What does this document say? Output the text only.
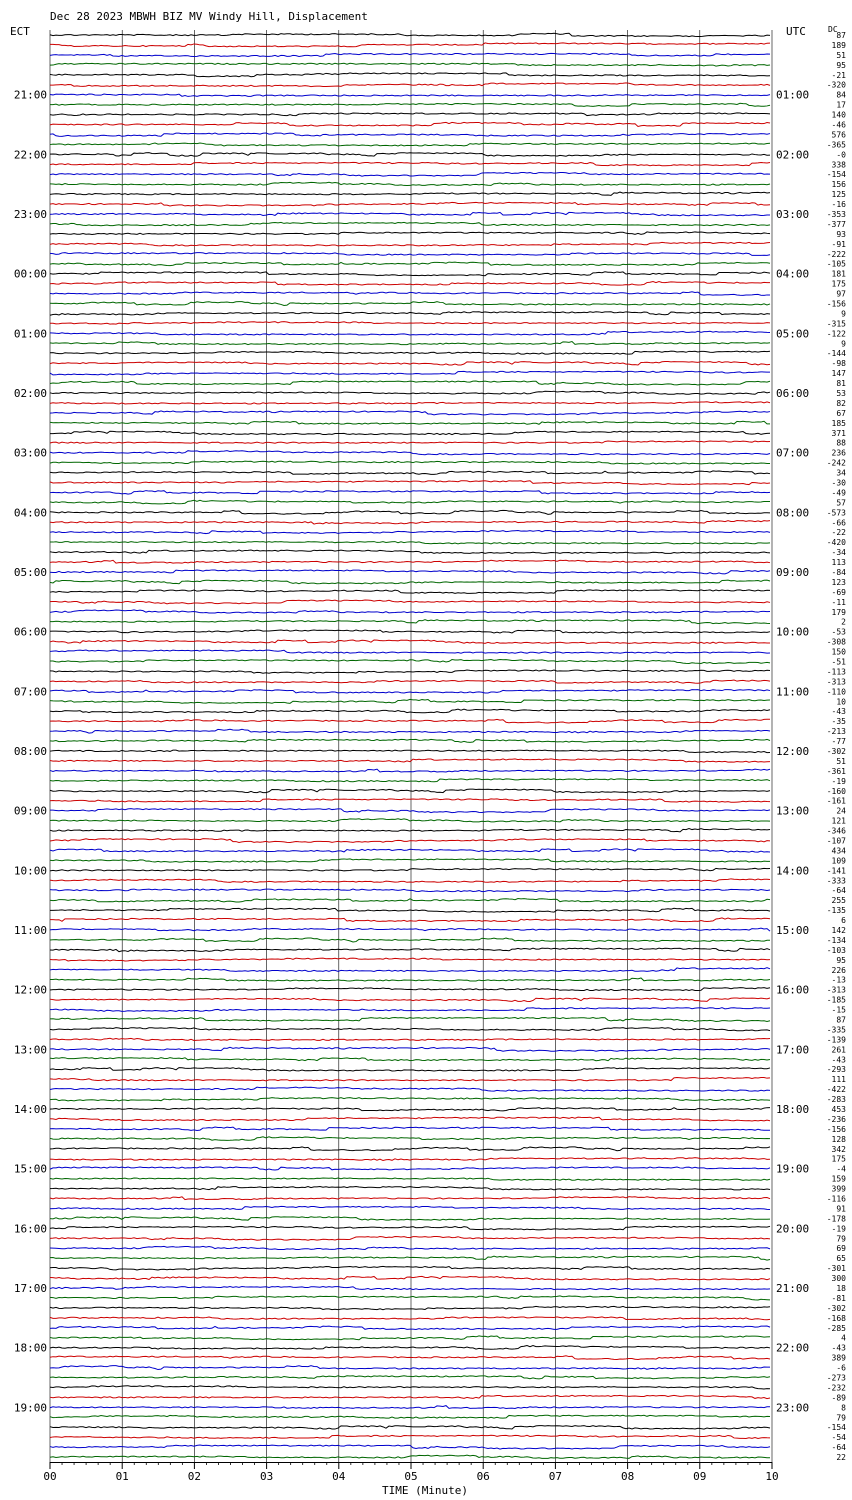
Dec 28 2023 MBWH BIZ MV Windy Hill, Displacement
ECT	UTC	DC
21:00
22:00
23:00
00:00
01:00
02:00
03:00
04:00
05:00
06:00
07:00
08:00
09:00
10:00
11:00
12:00
13:00
14:00
15:00
16:00
17:00
18:00
19:00
01:00
02:00
03:00
04:00
05:00
06:00
07:00
08:00
09:00
10:00
11:00
12:00
13:00
14:00
15:00
16:00
17:00
18:00
19:00
20:00
21:00
22:00
23:00
87
189
51
95
-21
-320
84
17
140
-46
576
-365
-0
338
-154
156
125
-16
-353
-377
93
-91
-222
-105
181
175
97
-156
9
-315
-122
9
-144
-98
147
81
53
82
67
185
371
88
236
-242
34
-30
-49
57
-573
-66
-22
-420
-34
113
-84
123
-69
-11
179
2
-53
-308
150
-51
-113
-313
-110
10
-43
-35
-213
-77
-302
51
-361
-19
-160
-161
24
121
-346
-107
434
109
-141
-333
-64
255
-135
6
142
-134
-103
95
226
-13
-313
-185
-15
87
-335
-139
261
-43
-293
111
-422
-283
453
-236
-156
128
342
175
-4
159
399
-116
91
-178
-19
79
69
65
-301
300
18
-81
-302
-168
-285
4
-43
389
-6
-273
-232
-89
8
79
-154
-54
-64
22
00	01	02	03	04	05	06	07	08	09	10
TIME (Minute)
